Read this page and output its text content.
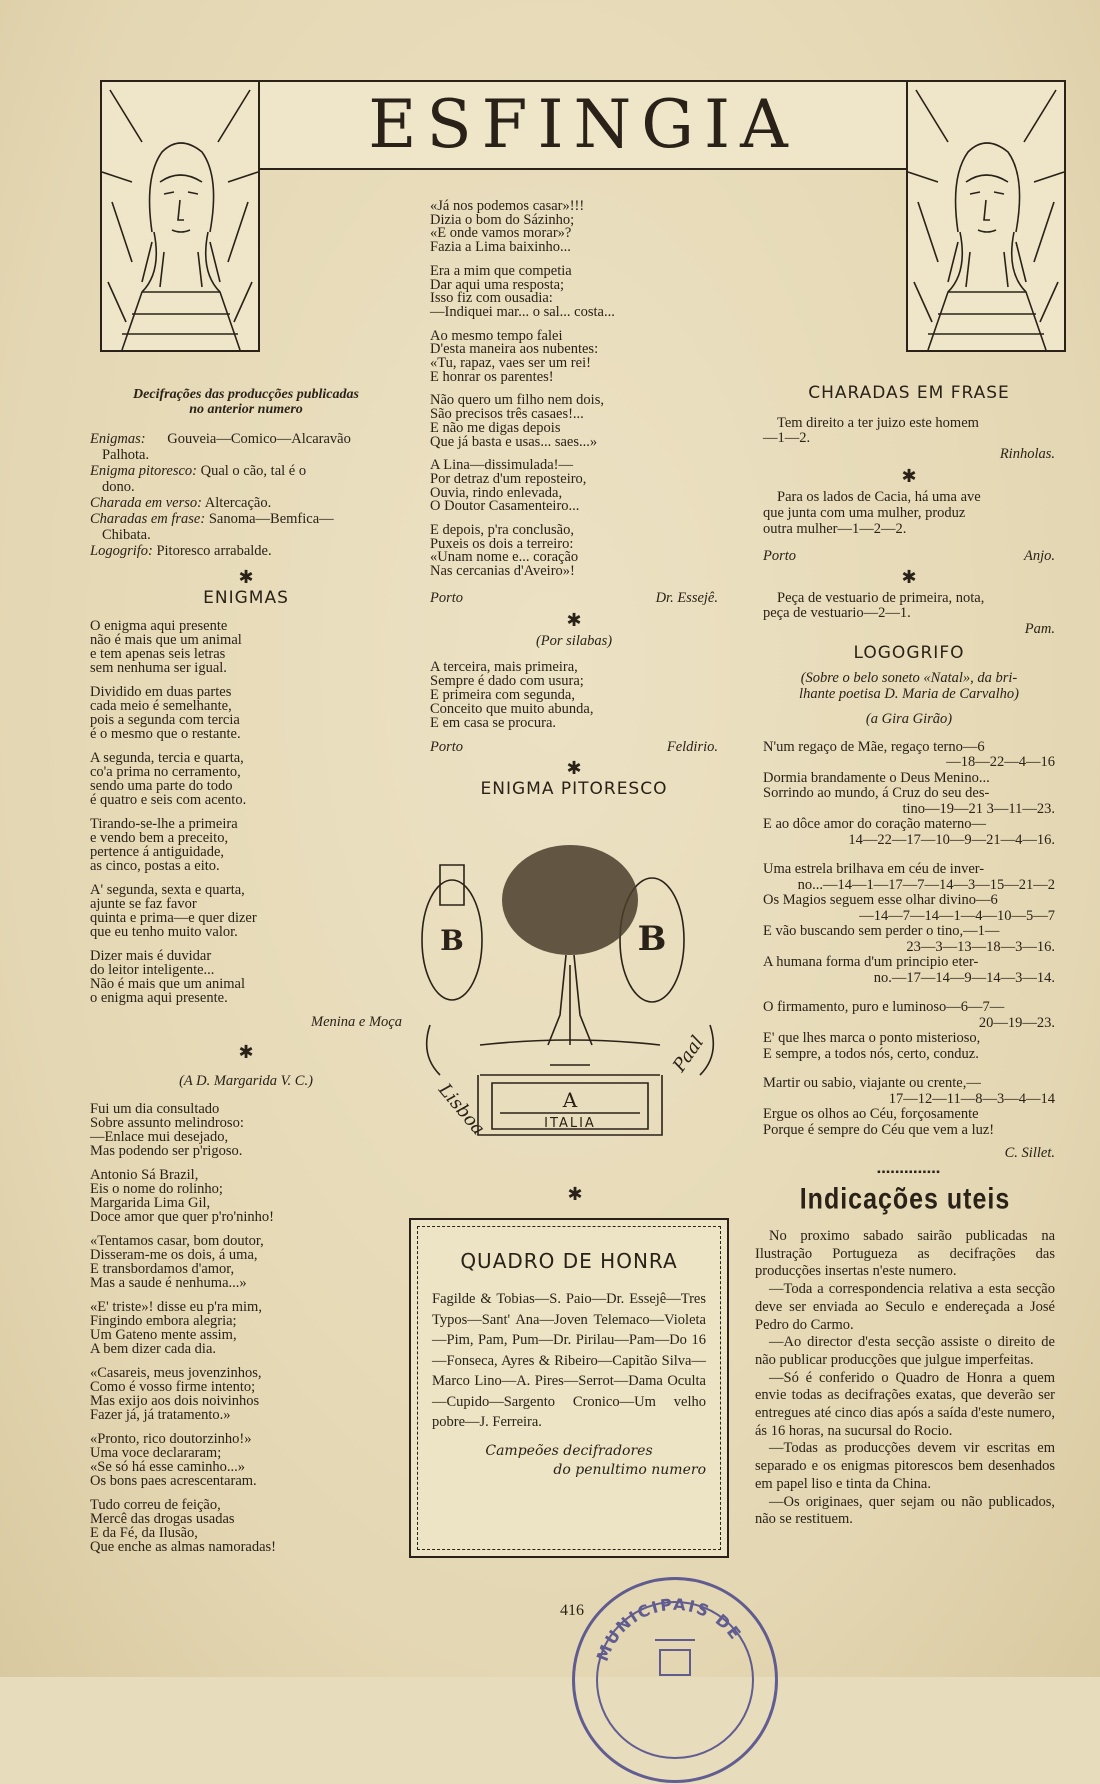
ESFINGIA
Decifrações das producções publicadas
no anterior numero
Enigmas: Gouveia—Comico—Alcaravão
Palhota.
Enigma pitoresco: Qual o cão, tal é o
dono.
Charada em verso: Altercação.
Charadas em frase: Sanoma—Bemfica—
Chibata.
Logogrifo: Pitoresco arrabalde.
✱
ENIGMAS
O enigma aqui presente
não é mais que um animal
e tem apenas seis letras
sem nenhuma ser igual.
Dividido em duas partes
cada meio é semelhante,
pois a segunda com tercia
é o mesmo que o restante.
A segunda, tercia e quarta,
co'a prima no cerramento,
sendo uma parte do todo
é quatro e seis com acento.
Tirando-se-lhe a primeira
e vendo bem a preceito,
pertence á antiguidade,
as cinco, postas a eito.
A' segunda, sexta e quarta,
ajunte se faz favor
quinta e prima—e quer dizer
que eu tenho muito valor.
Dizer mais é duvidar
do leitor inteligente...
Não é mais que um animal
o enigma aqui presente.
Menina e Moça
✱
(A D. Margarida V. C.)
Fui um dia consultado
Sobre assunto melindroso:
—Enlace mui desejado,
Mas podendo ser p'rigoso.
Antonio Sá Brazil,
Eis o nome do rolinho;
Margarida Lima Gil,
Doce amor que quer p'ro'ninho!
«Tentamos casar, bom doutor,
Disseram-me os dois, á uma,
E transbordamos d'amor,
Mas a saude é nenhuma...»
«E' triste»! disse eu p'ra mim,
Fingindo embora alegria;
Um Gateno mente assim,
A bem dizer cada dia.
«Casareis, meus jovenzinhos,
Como é vosso firme intento;
Mas exijo aos dois noivinhos
Fazer já, já tratamento.»
«Pronto, rico doutorzinho!»
Uma voce declararam;
«Se só há esse caminho...»
Os bons paes acrescentaram.
Tudo correu de feição,
Mercê das drogas usadas
E da Fé, da Ilusão,
Que enche as almas namoradas!
«Já nos podemos casar»!!!
Dizia o bom do Sázinho;
«E onde vamos morar»?
Fazia a Lima baixinho...
Era a mim que competia
Dar aqui uma resposta;
Isso fiz com ousadia:
—Indiquei mar... o sal... costa...
Ao mesmo tempo falei
D'esta maneira aos nubentes:
«Tu, rapaz, vaes ser um rei!
E honrar os parentes!
Não quero um filho nem dois,
São precisos três casaes!...
E não me digas depois
Que já basta e usas... saes...»
A Lina—dissimulada!—
Por detraz d'um reposteiro,
Ouvia, rindo enlevada,
O Doutor Casamenteiro...
E depois, p'ra conclusão,
Puxeis os dois a terreiro:
«Unam nome e... coração
Nas cercanias d'Aveiro»!
Porto	Dr. Essejê.
✱
(Por silabas)
A terceira, mais primeira,
Sempre é dado com usura;
E primeira com segunda,
Conceito que muito abunda,
E em casa se procura.
Porto	Feldirio.
✱
ENIGMA PITORESCO
B	B
A
ITALIA
Lisboa
Paal
✱
QUADRO DE HONRA
Fagilde & Tobias—S. Paio—Dr. Essejê—Tres Typos—Sant' Ana—Joven Telemaco—Violeta—Pim, Pam, Pum—Dr. Pirilau—Pam—Do 16—Fonseca, Ayres & Ribeiro—Capitão Silva—Marco Lino—A. Pires—Serrot—Dama Oculta—Cupido—Sargento Cronico—Um velho pobre—J. Ferreira.
Campeões decifradores
do penultimo numero
416
CHARADAS EM FRASE
Tem direito a ter juizo este homem
—1—2.
Rinholas.
✱
Para os lados de Cacia, há uma ave
que junta com uma mulher, produz
outra mulher—1—2—2.
Porto	Anjo.
✱
Peça de vestuario de primeira, nota,
peça de vestuario—2—1.
Pam.
LOGOGRIFO
(Sobre o belo soneto «Natal», da bri-
lhante poetisa D. Maria de Carvalho)
(a Gira Girão)
N'um regaço de Mãe, regaço terno—6
—18—22—4—16
Dormia brandamente o Deus Menino...
Sorrindo ao mundo, á Cruz do seu des-
tino—19—21 3—11—23.
E ao dôce amor do coração materno—
14—22—17—10—9—21—4—16.
Uma estrela brilhava em céu de inver-
no...—14—1—17—7—14—3—15—21—2
Os Magios seguem esse olhar divino—6
—14—7—14—1—4—10—5—7
E vão buscando sem perder o tino,—1—
23—3—13—18—3—16.
A humana forma d'um principio eter-
no.—17—14—9—14—3—14.
O firmamento, puro e luminoso—6—7—
20—19—23.
E' que lhes marca o ponto misterioso,
E sempre, a todos nós, certo, conduz.
Martir ou sabio, viajante ou crente,—
17—12—11—8—3—4—14
Ergue os olhos ao Céu, forçosamente
Porque é sempre do Céu que vem a luz!
C. Sillet.
▪▪▪▪▪▪▪▪▪▪▪▪▪▪
Indicações uteis
No proximo sabado sairão publicadas na Ilustração Portugueza as decifrações das producções insertas n'este numero.
—Toda a correspondencia relativa a esta secção deve ser enviada ao Seculo e endereçada a José Pedro do Carmo.
—Ao director d'esta secção assiste o direito de não publicar producções que julgue imperfeitas.
—Só é conferido o Quadro de Honra a quem envie todas as decifrações exatas, que deverão ser entregues até cinco dias após a saída d'este numero, ás 16 horas, na sucursal do Rocio.
—Todas as producções devem vir escritas em separado e os enigmas pitorescos bem desenhados em papel liso e tinta da China.
—Os originaes, quer sejam ou não publicados, não se restituem.
MUNICIPAIS DE
